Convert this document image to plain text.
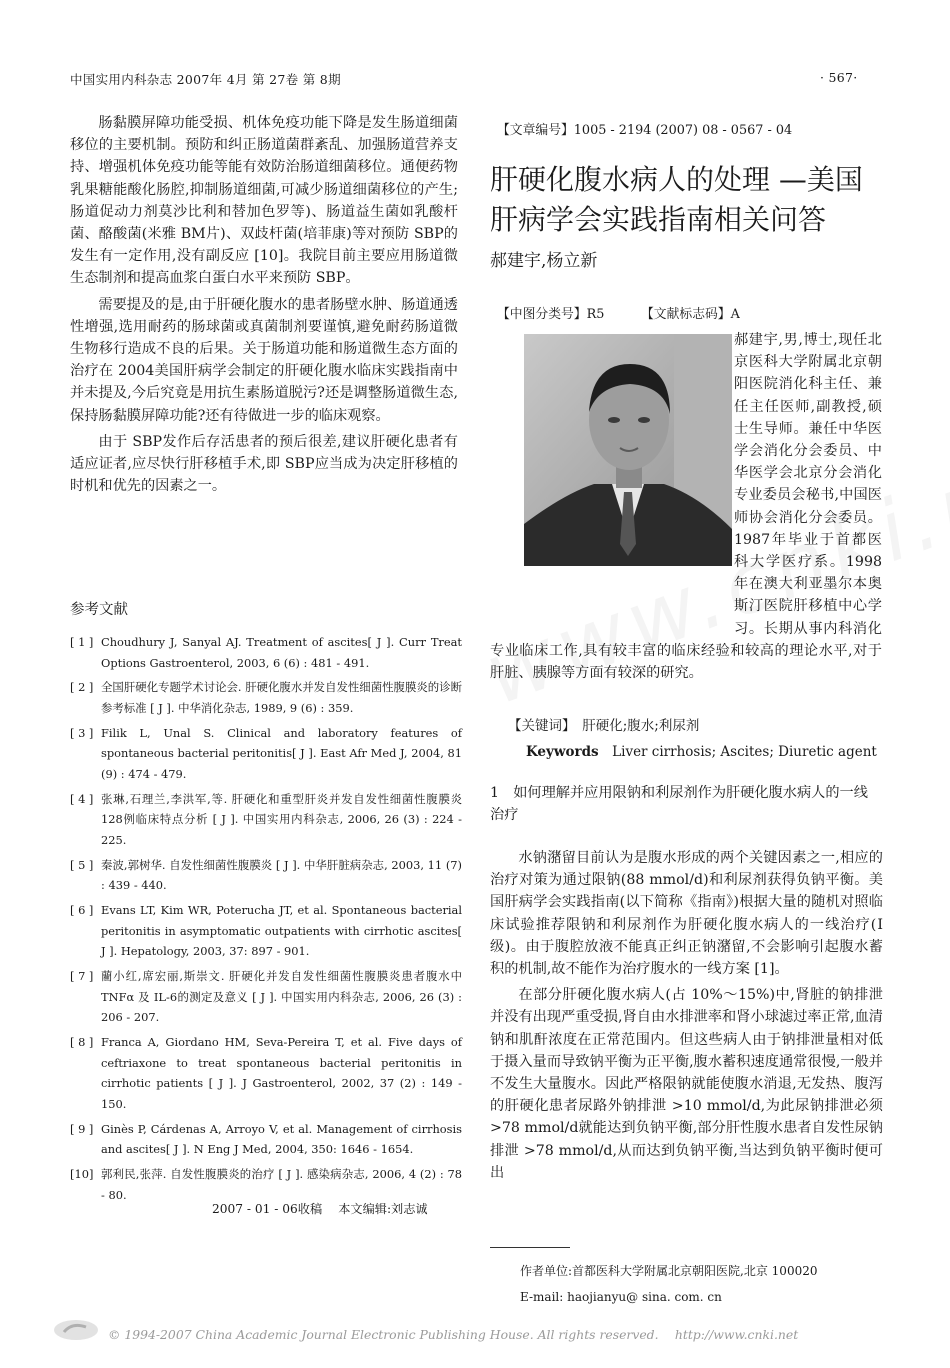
中国实用内科杂志 2007年 4月 第 27卷 第 8期	· 567·

肠黏膜屏障功能受损、机体免疫功能下降是发生肠道细菌移位的主要机制。预防和纠正肠道菌群紊乱、加强肠道营养支持、增强机体免疫功能等能有效防治肠道细菌移位。通便药物乳果糖能酸化肠腔,抑制肠道细菌,可减少肠道细菌移位的产生;肠道促动力剂莫沙比利和替加色罗等)、肠道益生菌如乳酸杆菌、酪酸菌(米雅 BM片)、双歧杆菌(培菲康)等对预防 SBP的发生有一定作用,没有副反应 [10]。我院目前主要应用肠道微生态制剂和提高血浆白蛋白水平来预防 SBP。

需要提及的是,由于肝硬化腹水的患者肠壁水肿、肠道通透性增强,选用耐药的肠球菌或真菌制剂要谨慎,避免耐药肠道微生物移行造成不良的后果。关于肠道功能和肠道微生态方面的治疗在 2004美国肝病学会制定的肝硬化腹水临床实践指南中并未提及,今后究竟是用抗生素肠道脱污?还是调整肠道微生态,保持肠黏膜屏障功能?还有待做进一步的临床观察。

由于 SBP发作后存活患者的预后很差,建议肝硬化患者有适应证者,应尽快行肝移植手术,即 SBP应当成为决定肝移植的时机和优先的因素之一。

参考文献
[ 1 ] Choudhury J, Sanyal AJ. Treatment of ascites[ J ]. Curr Treat Options Gastroenterol, 2003, 6 (6) : 481 - 491.
[ 2 ] 全国肝硬化专题学术讨论会. 肝硬化腹水并发自发性细菌性腹膜炎的诊断参考标准 [ J ]. 中华消化杂志, 1989, 9 (6) : 359.
[ 3 ] Filik L, Unal S. Clinical and laboratory features of spontaneous bacterial peritonitis[ J ]. East Afr Med J, 2004, 81 (9) : 474 - 479.
[ 4 ] 张琳,石理兰,李洪军,等. 肝硬化和重型肝炎并发自发性细菌性腹膜炎 128例临床特点分析 [ J ]. 中国实用内科杂志, 2006, 26 (3) : 224 - 225.
[ 5 ] 秦波,郭树华. 自发性细菌性腹膜炎 [ J ]. 中华肝脏病杂志, 2003, 11 (7) : 439 - 440.
[ 6 ] Evans LT, Kim WR, Poterucha JT, et al. Spontaneous bacterial peritonitis in asymptomatic outpatients with cirrhotic ascites[ J ]. Hepatology, 2003, 37: 897 - 901.
[ 7 ] 藺小红,席宏丽,斯崇文. 肝硬化并发自发性细菌性腹膜炎患者腹水中 TNFα 及 IL-6的测定及意义 [ J ]. 中国实用内科杂志, 2006, 26 (3) : 206 - 207.
[ 8 ] Franca A, Giordano HM, Seva-Pereira T, et al. Five days of ceftriaxone to treat spontaneous bacterial peritonitis in cirrhotic patients [ J ]. J Gastroenterol, 2002, 37 (2) : 149 - 150.
[ 9 ] Ginès P, Cárdenas A, Arroyo V, et al. Management of cirrhosis and ascites[ J ]. N Eng J Med, 2004, 350: 1646 - 1654.
[10] 郭利民,张萍. 自发性腹膜炎的治疗 [ J ]. 感染病杂志, 2006, 4 (2) : 78 - 80.
2007 - 01 - 06收稿　 本文编辑:刘志诚
【文章编号】1005 - 2194 (2007) 08 - 0567 - 04
肝硬化腹水病人的处理 —美国
肝病学会实践指南相关问答
郝建宇,杨立新
【中图分类号】R5	【文献标志码】A
郝建宇,男,博士,现任北京医科大学附属北京朝阳医院消化科主任、兼任主任医师,副教授,硕士生导师。兼任中华医学会消化分会委员、中华医学会北京分会消化专业委员会秘书,中国医师协会消化分会委员。1987年毕业于首都医科大学医疗系。1998年在澳大利亚墨尔本奥斯汀医院肝移植中心学习。长期从事内科消化专业临床工作,具有较丰富的临床经验和较高的理论水平,对于肝脏、胰腺等方面有较深的研究。
【关键词】　 肝硬化;腹水;利尿剂
Keywords　 Liver cirrhosis; Ascites; Diuretic agent
1　如何理解并应用限钠和利尿剂作为肝硬化腹水病人的一线治疗

水钠潴留目前认为是腹水形成的两个关键因素之一,相应的治疗对策为通过限钠(88 mmol/d)和利尿剂获得负钠平衡。美国肝病学会实践指南(以下简称《指南》)根据大量的随机对照临床试验推荐限钠和利尿剂作为肝硬化腹水病人的一线治疗(Ⅰ级)。由于腹腔放液不能真正纠正钠潴留,不会影响引起腹水蓄积的机制,故不能作为治疗腹水的一线方案 [1]。

在部分肝硬化腹水病人(占 10%～15%)中,肾脏的钠排泄并没有出现严重受损,肾自由水排泄率和肾小球滤过率正常,血清钠和肌酐浓度在正常范围内。但这些病人由于钠排泄量相对低于摄入量而导致钠平衡为正平衡,腹水蓄积速度通常很慢,一般并不发生大量腹水。因此严格限钠就能使腹水消退,无发热、腹泻的肝硬化患者尿路外钠排泄 >10 mmol/d,为此尿钠排泄必须 >78 mmol/d就能达到负钠平衡,部分肝性腹水患者自发性尿钠排泄 >78 mmol/d,从而达到负钠平衡,当达到负钠平衡时便可出

作者单位:首都医科大学附属北京朝阳医院,北京 100020
E-mail: haojianyu@ sina. com. cn
© 1994-2007 China Academic Journal Electronic Publishing House. All rights reserved.　 http://www.cnki.net
